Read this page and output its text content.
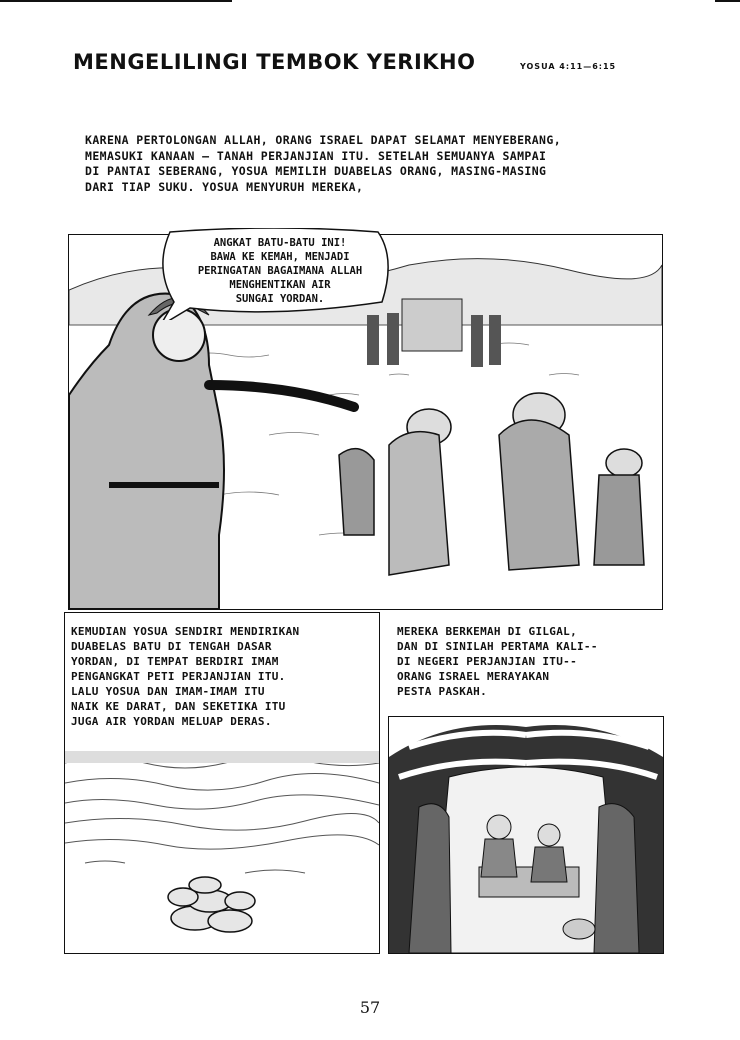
MENGELILINGI TEMBOK YERIKHO	YOSUA 4:11—6:15
KARENA PERTOLONGAN ALLAH, ORANG ISRAEL DAPAT SELAMAT MENYEBERANG,
MEMASUKI KANAAN — TANAH PERJANJIAN ITU. SETELAH SEMUANYA SAMPAI
DI PANTAI SEBERANG, YOSUA MEMILIH DUABELAS ORANG, MASING-MASING
DARI TIAP SUKU. YOSUA MENYURUH MEREKA,
ANGKAT BATU-BATU INI!
BAWA KE KEMAH, MENJADI
PERINGATAN BAGAIMANA ALLAH
MENGHENTIKAN AIR
SUNGAI YORDAN.
KEMUDIAN YOSUA SENDIRI MENDIRIKAN
DUABELAS BATU DI TENGAH DASAR
YORDAN, DI TEMPAT BERDIRI IMAM
PENGANGKAT PETI PERJANJIAN ITU.
LALU YOSUA DAN IMAM-IMAM ITU
NAIK KE DARAT, DAN SEKETIKA ITU
JUGA AIR YORDAN MELUAP DERAS.
MEREKA BERKEMAH DI GILGAL,
DAN DI SINILAH PERTAMA KALI--
DI NEGERI PERJANJIAN ITU--
ORANG ISRAEL MERAYAKAN
PESTA PASKAH.
57
